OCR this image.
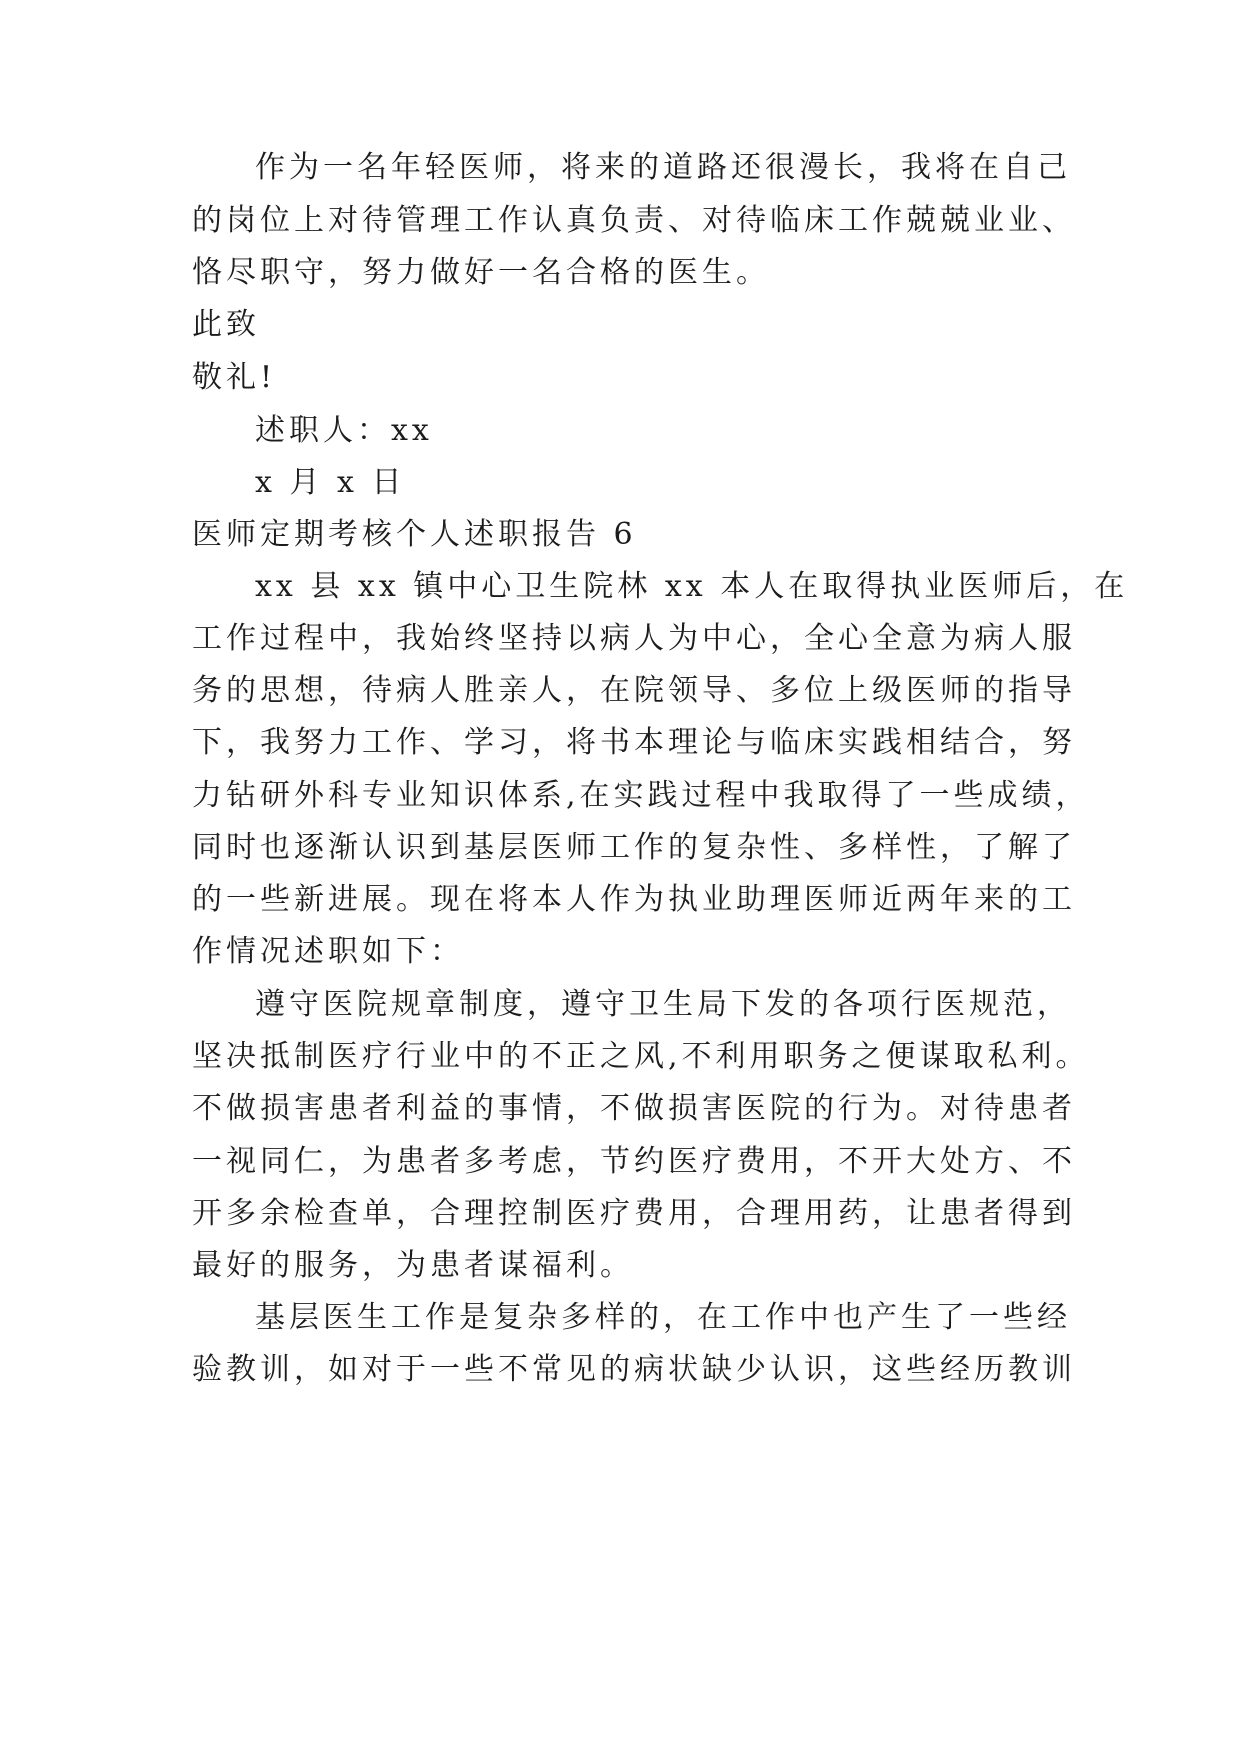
作为一名年轻医师，将来的道路还很漫长，我将在自己

的岗位上对待管理工作认真负责、对待临床工作兢兢业业、

恪尽职守，努力做好一名合格的医生。

此致

敬礼!

述职人：xx

x 月 x 日

医师定期考核个人述职报告 6

xx 县 xx 镇中心卫生院林 xx 本人在取得执业医师后，在

工作过程中，我始终坚持以病人为中心，全心全意为病人服

务的思想，待病人胜亲人，在院领导、多位上级医师的指导

下，我努力工作、学习，将书本理论与临床实践相结合，努

力钻研外科专业知识体系,在实践过程中我取得了一些成绩，

同时也逐渐认识到基层医师工作的复杂性、多样性，了解了

的一些新进展。现在将本人作为执业助理医师近两年来的工

作情况述职如下：

遵守医院规章制度，遵守卫生局下发的各项行医规范，

坚决抵制医疗行业中的不正之风,不利用职务之便谋取私利。

不做损害患者利益的事情，不做损害医院的行为。对待患者

一视同仁，为患者多考虑，节约医疗费用，不开大处方、不

开多余检查单，合理控制医疗费用，合理用药，让患者得到

最好的服务，为患者谋福利。

基层医生工作是复杂多样的，在工作中也产生了一些经

验教训，如对于一些不常见的病状缺少认识，这些经历教训
